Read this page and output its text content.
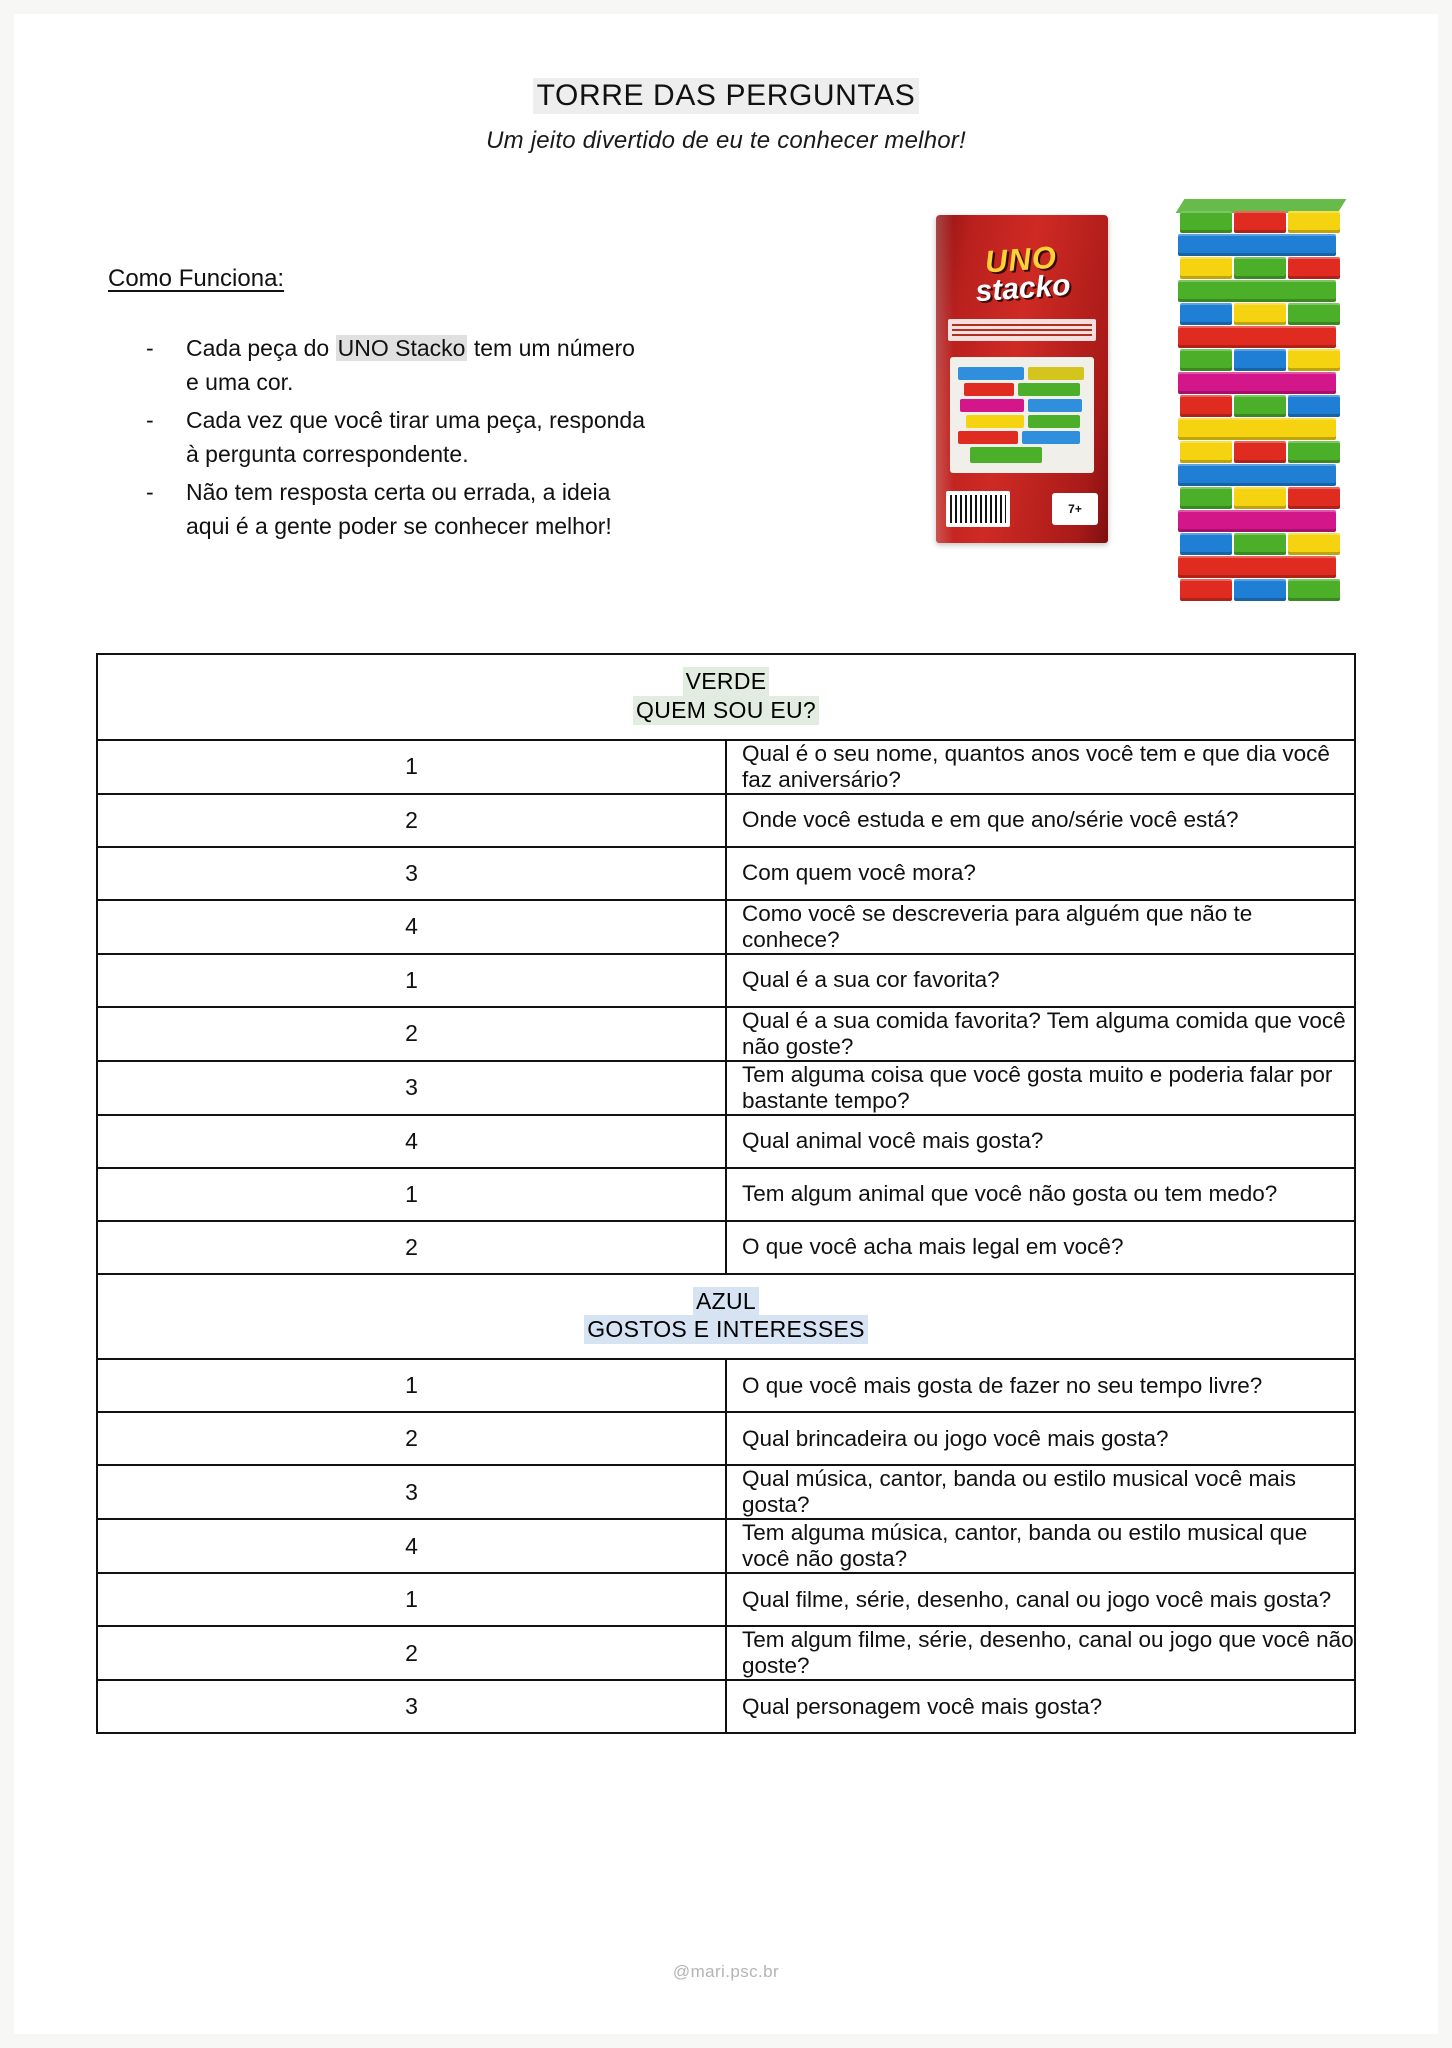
TORRE DAS PERGUNTAS
Um jeito divertido de eu te conhecer melhor!
Como Funciona:
- Cada peça do UNO Stacko tem um número e uma cor.
- Cada vez que você tirar uma peça, responda à pergunta correspondente.
- Não tem resposta certa ou errada, a ideia aqui é a gente poder se conhecer melhor!
UNO
stacko
7+
VERDE
QUEM SOU EU?	

1	Qual é o seu nome, quantos anos você tem e que dia você faz aniversário?
2	Onde você estuda e em que ano/série você está?
3	Com quem você mora?
4	Como você se descreveria para alguém que não te conhece?
1	Qual é a sua cor favorita?
2	Qual é a sua comida favorita? Tem alguma comida que você não goste?
3	Tem alguma coisa que você gosta muito e poderia falar por bastante tempo?
4	Qual animal você mais gosta?
1	Tem algum animal que você não gosta ou tem medo?
2	O que você acha mais legal em você?

AZUL
GOSTOS E INTERESSES	

1	O que você mais gosta de fazer no seu tempo livre?
2	Qual brincadeira ou jogo você mais gosta?
3	Qual música, cantor, banda ou estilo musical você mais gosta?
4	Tem alguma música, cantor, banda ou estilo musical que você não gosta?
1	Qual filme, série, desenho, canal ou jogo você mais gosta?
2	Tem algum filme, série, desenho, canal ou jogo que você não goste?
3	Qual personagem você mais gosta?
@mari.psc.br
